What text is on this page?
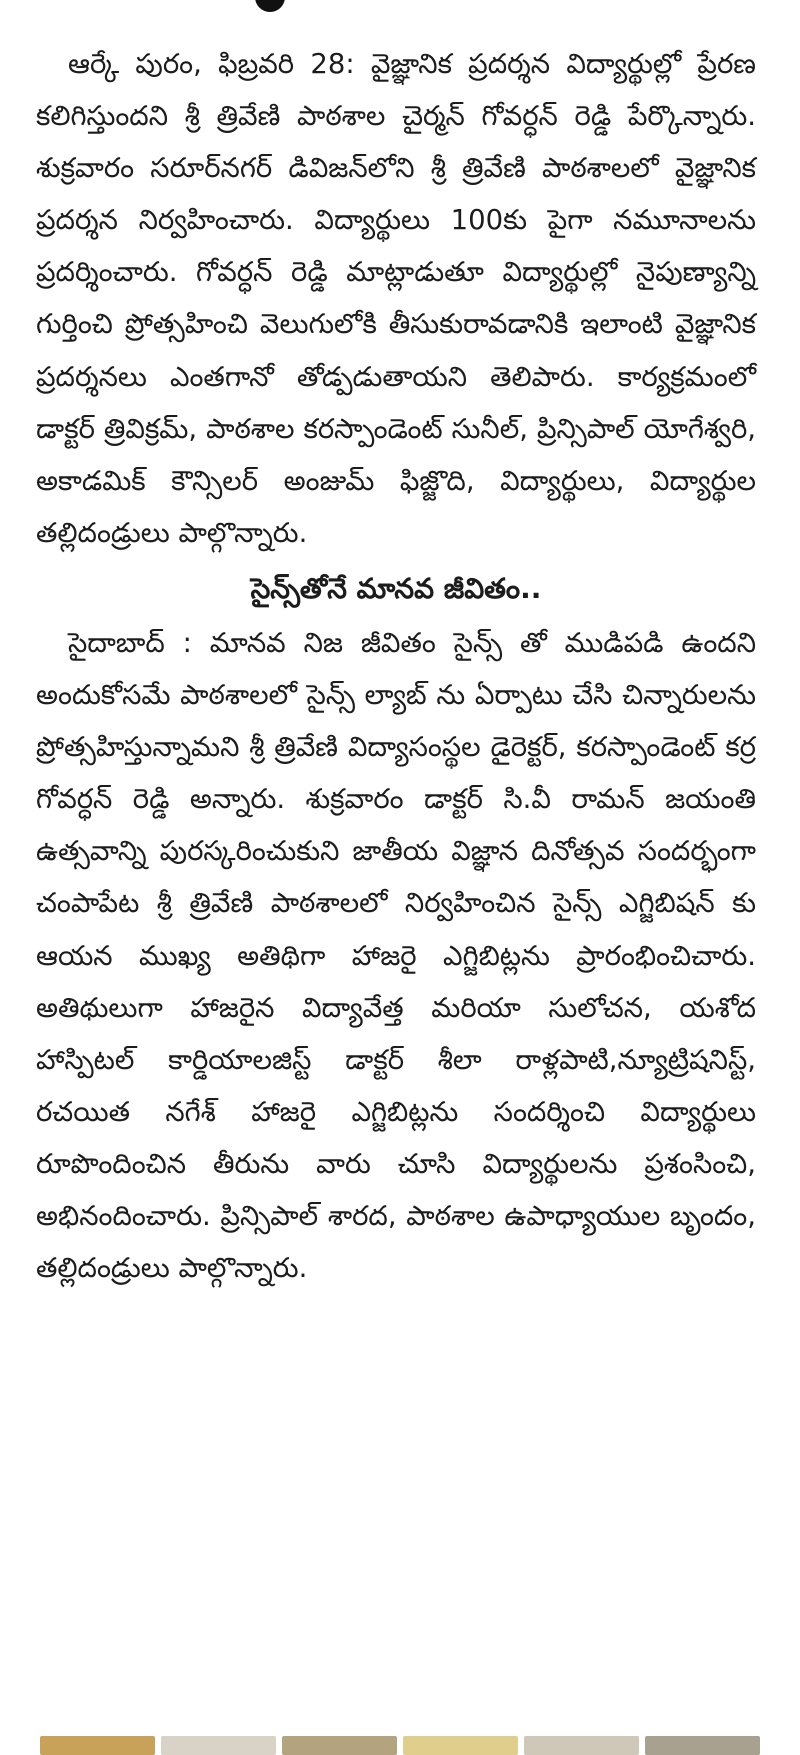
ఆర్కే పురం, ఫిబ్రవరి 28: వైజ్ఞానిక ప్రదర్శన విద్యార్థుల్లో ప్రేరణ కలిగిస్తుందని శ్రీ త్రివేణి పాఠశాల చైర్మన్ గోవర్ధన్ రెడ్డి పేర్కొన్నారు. శుక్రవారం సరూర్‌నగర్ డివిజన్‌లోని శ్రీ త్రివేణి పాఠశాలలో వైజ్ఞానిక ప్రదర్శన నిర్వహించారు. విద్యార్థులు 100కు పైగా నమూనాలను ప్రదర్శించారు. గోవర్ధన్ రెడ్డి మాట్లాడుతూ విద్యార్థుల్లో నైపుణ్యాన్ని గుర్తించి ప్రోత్సహించి వెలుగులోకి తీసుకురావడానికి ఇలాంటి వైజ్ఞానిక ప్రదర్శనలు ఎంతగానో తోడ్పడుతాయని తెలిపారు. కార్యక్రమంలో డాక్టర్ త్రివిక్రమ్, పాఠశాల కరస్పాండెంట్ సునీల్, ప్రిన్సిపాల్ యోగేశ్వరి, అకాడమిక్ కౌన్సిలర్ అంజుమ్ ఫిజ్జొది, విద్యార్థులు, విద్యార్థుల తల్లిదండ్రులు పాల్గొన్నారు.

సైన్స్‌తోనే మానవ జీవితం..

సైదాబాద్ : మానవ నిజ జీవితం సైన్స్ తో ముడిపడి ఉందని అందుకోసమే పాఠశాలలో సైన్స్ ల్యాబ్ ను ఏర్పాటు చేసి చిన్నారులను ప్రోత్సహిస్తున్నామని శ్రీ త్రివేణి విద్యాసంస్థల డైరెక్టర్, కరస్పాండెంట్ కర్ర గోవర్ధన్ రెడ్డి అన్నారు. శుక్రవారం డాక్టర్ సి.వీ రామన్ జయంతి ఉత్సవాన్ని పురస్కరించుకుని జాతీయ విజ్ఞాన దినోత్సవ సందర్భంగా చంపాపేట శ్రీ త్రివేణి పాఠశాలలో నిర్వహించిన సైన్స్ ఎగ్జిబిషన్ కు ఆయన ముఖ్య అతిథిగా హాజరై ఎగ్జిబిట్లను ప్రారంభించిచారు. అతిథులుగా హాజరైన విద్యావేత్త మరియా సులోచన, యశోద హాస్పిటల్ కార్డియాలజిస్ట్ డాక్టర్ శీలా రాళ్లపాటి,న్యూట్రిషనిస్ట్, రచయిత నగేశ్ హాజరై ఎగ్జిబిట్లను సందర్శించి విద్యార్థులు రూపొందించిన తీరును వారు చూసి విద్యార్థులను ప్రశంసించి, అభినందించారు. ప్రిన్సిపాల్ శారద, పాఠశాల ఉపాధ్యాయుల బృందం, తల్లిదండ్రులు పాల్గొన్నారు.
